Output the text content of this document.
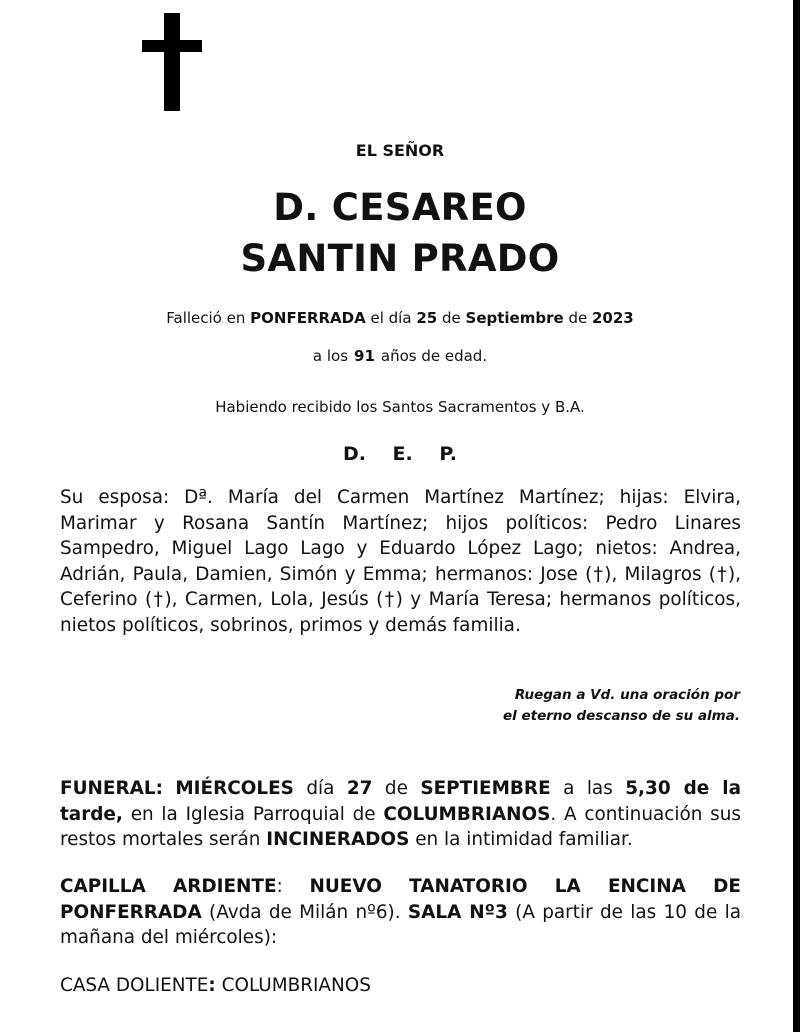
EL SEÑOR
D. CESAREO
SANTIN PRADO
Falleció en PONFERRADA el día 25 de Septiembre de 2023
a los 91 años de edad.
Habiendo recibido los Santos Sacramentos y B.A.
D. E. P.
Su esposa: Dª. María del Carmen Martínez Martínez; hijas: Elvira, Marimar y Rosana Santín Martínez; hijos políticos: Pedro Linares Sampedro, Miguel Lago Lago y Eduardo López Lago; nietos: Andrea, Adrián, Paula, Damien, Simón y Emma; hermanos: Jose (†), Milagros (†), Ceferino (†), Carmen, Lola, Jesús (†) y María Teresa; hermanos políticos, nietos políticos, sobrinos, primos y demás familia.
Ruegan a Vd. una oración por
el eterno descanso de su alma.
FUNERAL: MIÉRCOLES día 27 de SEPTIEMBRE a las 5,30 de la tarde, en la Iglesia Parroquial de COLUMBRIANOS. A continuación sus restos mortales serán INCINERADOS en la intimidad familiar.
CAPILLA ARDIENTE: NUEVO TANATORIO LA ENCINA DE PONFERRADA (Avda de Milán nº6). SALA Nº3 (A partir de las 10 de la mañana del miércoles):
CASA DOLIENTE: COLUMBRIANOS
